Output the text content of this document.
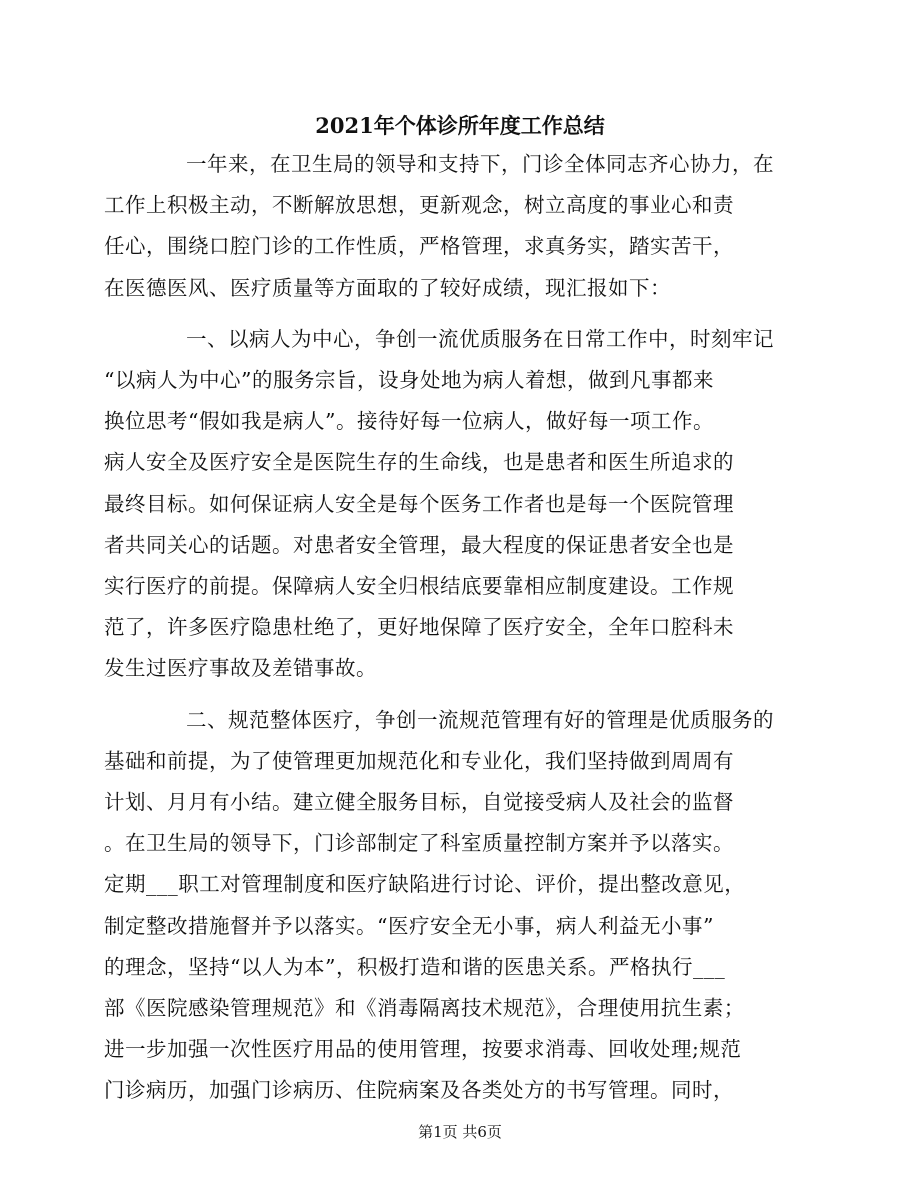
2021年个体诊所年度工作总结
一年来，在卫生局的领导和支持下，门诊全体同志齐心协力，在
工作上积极主动，不断解放思想，更新观念，树立高度的事业心和责
任心，围绕口腔门诊的工作性质，严格管理，求真务实，踏实苦干，
在医德医风、医疗质量等方面取的了较好成绩，现汇报如下：
一、以病人为中心，争创一流优质服务在日常工作中，时刻牢记
“以病人为中心”的服务宗旨，设身处地为病人着想，做到凡事都来
换位思考“假如我是病人”。接待好每一位病人，做好每一项工作。
病人安全及医疗安全是医院生存的生命线，也是患者和医生所追求的
最终目标。如何保证病人安全是每个医务工作者也是每一个医院管理
者共同关心的话题。对患者安全管理，最大程度的保证患者安全也是
实行医疗的前提。保障病人安全归根结底要靠相应制度建设。工作规
范了，许多医疗隐患杜绝了，更好地保障了医疗安全，全年口腔科未
发生过医疗事故及差错事故。
二、规范整体医疗，争创一流规范管理有好的管理是优质服务的
基础和前提，为了使管理更加规范化和专业化，我们坚持做到周周有
计划、月月有小结。建立健全服务目标，自觉接受病人及社会的监督
。在卫生局的领导下，门诊部制定了科室质量控制方案并予以落实。
定期___职工对管理制度和医疗缺陷进行讨论、评价，提出整改意见，
制定整改措施督并予以落实。“医疗安全无小事，病人利益无小事”
的理念，坚持“以人为本”，积极打造和谐的医患关系。严格执行___
部《医院感染管理规范》和《消毒隔离技术规范》，合理使用抗生素；
进一步加强一次性医疗用品的使用管理，按要求消毒、回收处理;规范
门诊病历，加强门诊病历、住院病案及各类处方的书写管理。同时，
第1页 共6页
